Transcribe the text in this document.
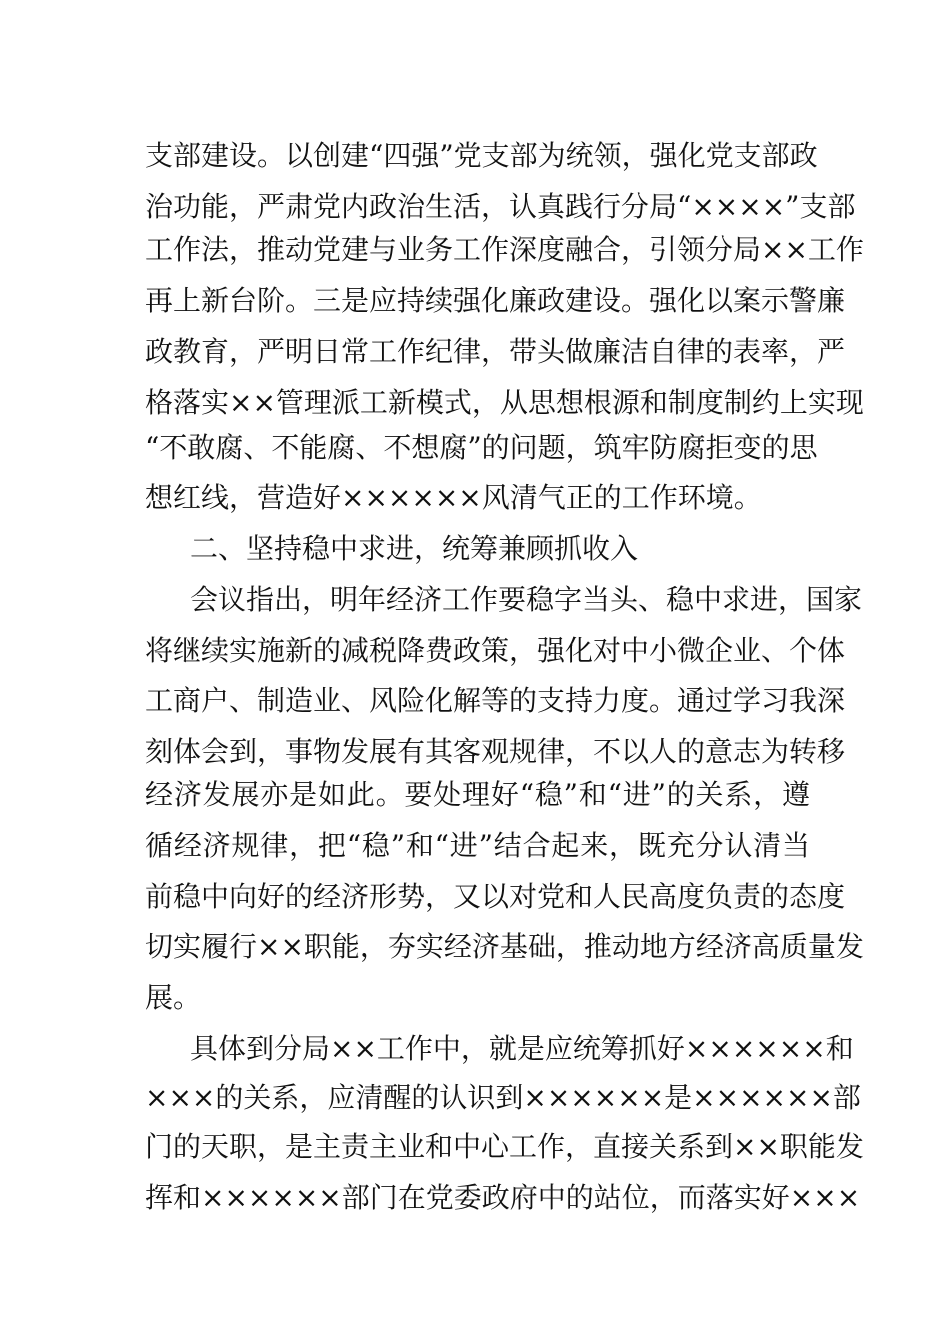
支部建设。以创建“四强”党支部为统领，强化党支部政
治功能，严肃党内政治生活，认真践行分局“××××”支部
工作法，推动党建与业务工作深度融合，引领分局××工作
再上新台阶。三是应持续强化廉政建设。强化以案示警廉
政教育，严明日常工作纪律，带头做廉洁自律的表率，严
格落实××管理派工新模式，从思想根源和制度制约上实现
“不敢腐、不能腐、不想腐”的问题，筑牢防腐拒变的思
想红线，营造好××××××风清气正的工作环境。
二、坚持稳中求进，统筹兼顾抓收入
会议指出，明年经济工作要稳字当头、稳中求进，国家
将继续实施新的减税降费政策，强化对中小微企业、个体
工商户、制造业、风险化解等的支持力度。通过学习我深
刻体会到，事物发展有其客观规律，不以人的意志为转移
经济发展亦是如此。要处理好“稳”和“进”的关系，遵
循经济规律，把“稳”和“进”结合起来，既充分认清当
前稳中向好的经济形势，又以对党和人民高度负责的态度
切实履行××职能，夯实经济基础，推动地方经济高质量发
展。
具体到分局××工作中，就是应统筹抓好××××××和
×××的关系，应清醒的认识到××××××是××××××部
门的天职，是主责主业和中心工作，直接关系到××职能发
挥和××××××部门在党委政府中的站位，而落实好×××
